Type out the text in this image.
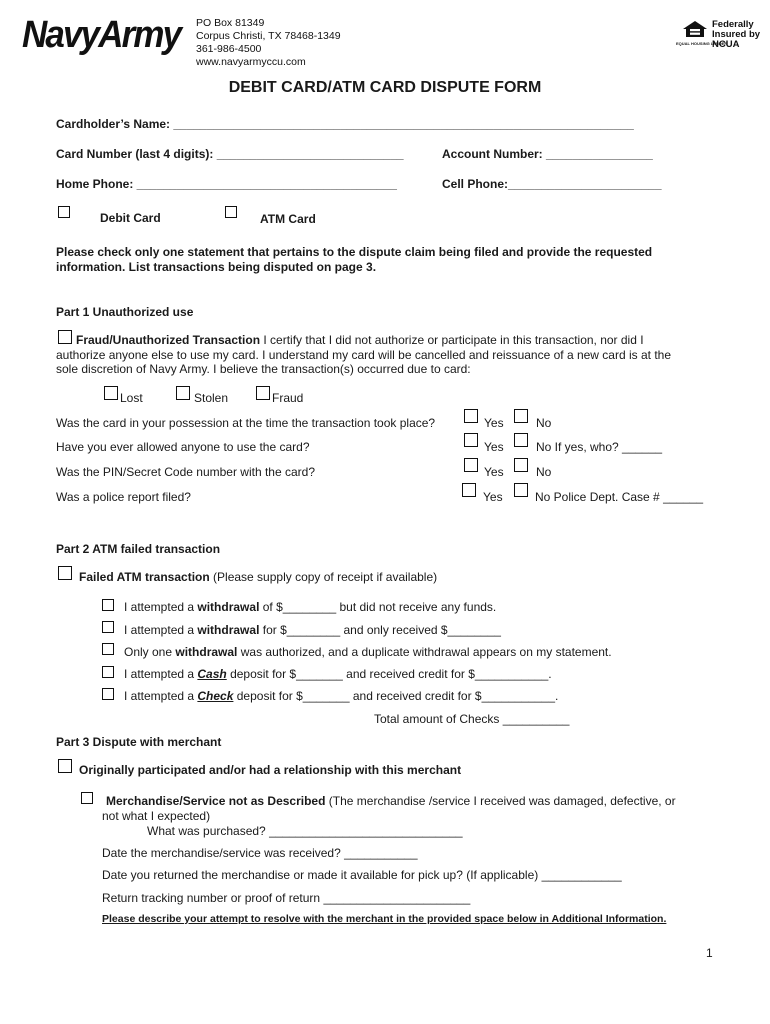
NavyArmy PO Box 81349
Corpus Christi, TX 78468-1349
361-986-4500
www.navyarmyccu.com
EQUAL HOUSING LENDER
Federally
Insured by
NCUA
DEBIT CARD/ATM CARD DISPUTE FORM
Cardholder’s Name: _____________________________________________________________________
Card Number (last 4 digits): ____________________________	Account Number: ________________
Home Phone: _______________________________________	Cell Phone:_______________________
Debit Card	ATM Card
Please check only one statement that pertains to the dispute claim being filed and provide the requested
information. List transactions being disputed on page 3.
Part 1 Unauthorized use
Fraud/Unauthorized Transaction I certify that I did not authorize or participate in this transaction, nor did I
authorize anyone else to use my card. I understand my card will be cancelled and reissuance of a new card is at the
sole discretion of Navy Army. I believe the transaction(s) occurred due to card:
Lost	Stolen	Fraud
Was the card in your possession at the time the transaction took place?	Yes	No
Have you ever allowed anyone to use the card?	Yes	No If yes, who? ______
Was the PIN/Secret Code number with the card?	Yes	No
Was a police report filed?	Yes	No Police Dept. Case # ______
Part 2 ATM failed transaction
Failed ATM transaction (Please supply copy of receipt if available)
I attempted a withdrawal of $________ but did not receive any funds.
I attempted a withdrawal for $________ and only received $________
Only one withdrawal was authorized, and a duplicate withdrawal appears on my statement.
I attempted a Cash deposit for $_______ and received credit for $___________.
I attempted a Check deposit for $_______ and received credit for $___________.
Total amount of Checks __________
Part 3 Dispute with merchant
Originally participated and/or had a relationship with this merchant
Merchandise/Service not as Described (The merchandise /service I received was damaged, defective, or
not what I expected)
What was purchased? _____________________________
Date the merchandise/service was received? ___________
Date you returned the merchandise or made it available for pick up? (If applicable) ____________
Return tracking number or proof of return ______________________
Please describe your attempt to resolve with the merchant in the provided space below in Additional Information.
1
